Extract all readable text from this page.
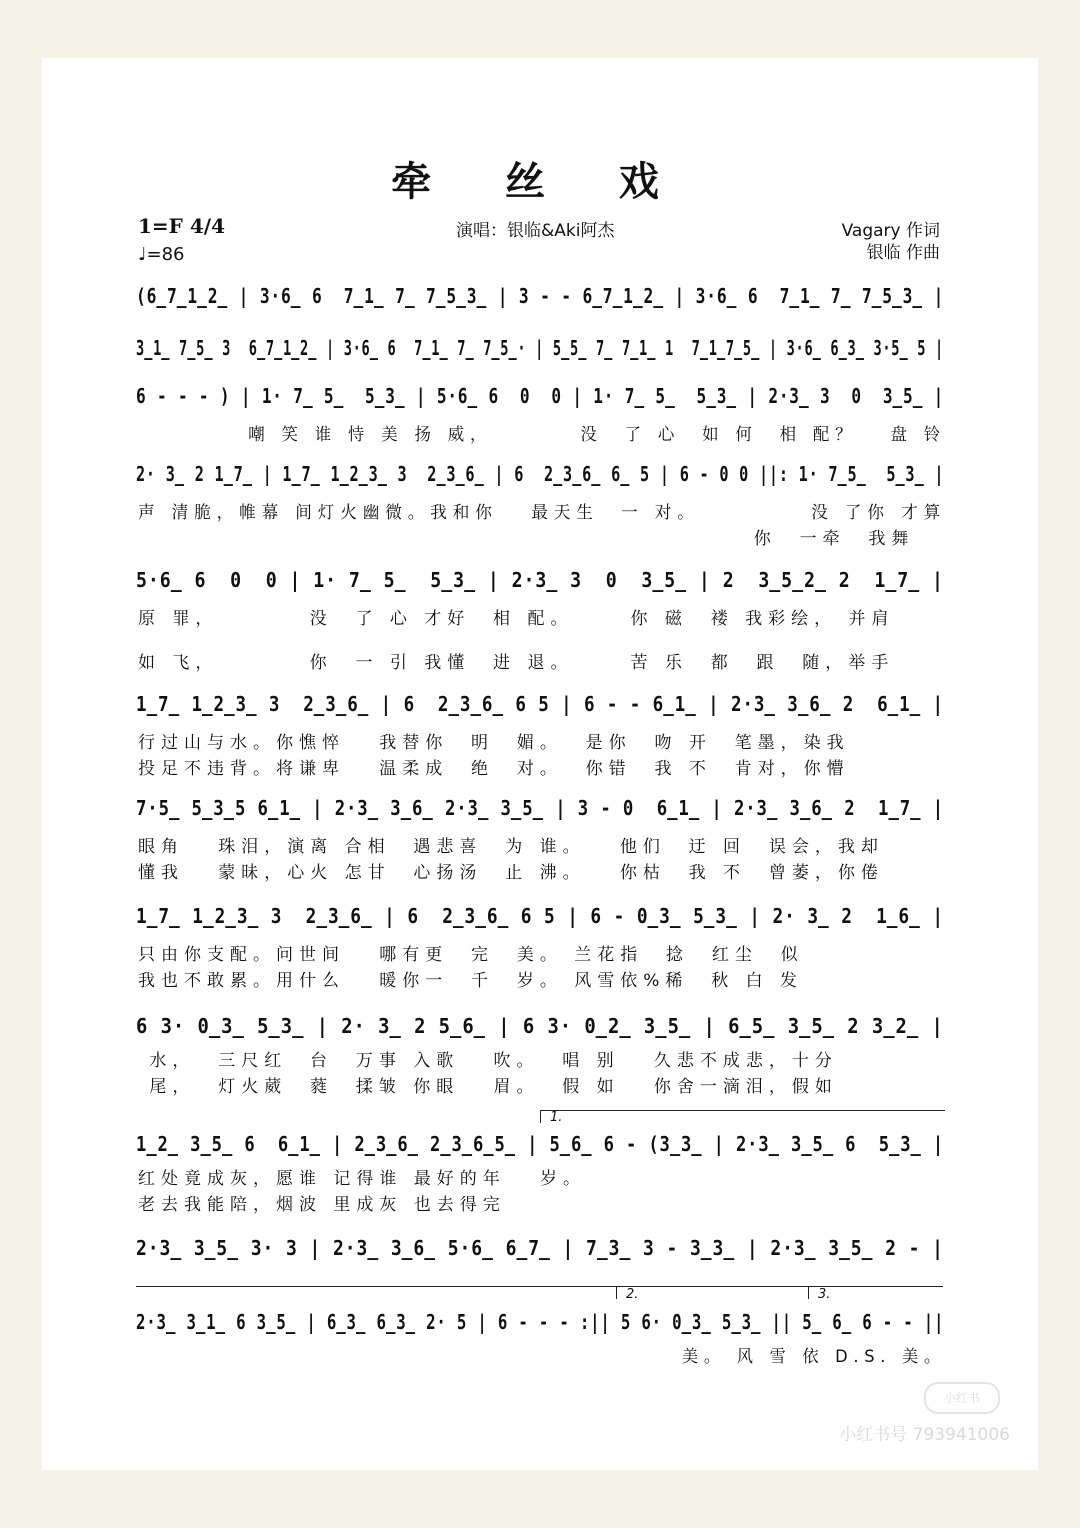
牵 丝 戏
1=F 4/4
♩=86
演唱：银临&Aki阿杰	Vagary 作词
银临 作曲
(6̲7̲1̲2̲ | 3·6̲ 6  7̲1̲ 7̲ 7̲5̲3̲ | 3 - - 6̲7̲1̲2̲ | 3·6̲ 6  7̲1̲ 7̲ 7̲5̲3̲ |
3̲1̲ 7̲5̲ 3  6̲7̲1̲2̲ | 3·6̲ 6  7̲1̲ 7̲ 7̲5̲· | 5̲5̲ 7̲ 7̲1̲ 1  7̲1̲7̲5̲ | 3·6̲ 6̲3̲ 3·5̲ 5 |
6 - - - ) | 1· 7̲ 5̲  5̲3̲ | 5·6̲ 6  0  0 | 1· 7̲ 5̲  5̲3̲ | 2·3̲ 3  0  3̲5̲ |
嘲 笑 谁 恃 美 扬 威，        没  了 心  如 何  相 配？   盘 铃
2· 3̲ 2 1̲7̲ | 1̲7̲ 1̲2̲3̲ 3  2̲3̲6̲ | 6  2̲3̲6̲ 6̲ 5 | 6 - 0 0 ||: 1· 7̲5̲  5̲3̲ |
声 清脆，帷幕 间灯火幽微。我和你   最天生  一 对。          没 了你 才算
你  一牵  我舞
5·6̲ 6  0  0 | 1· 7̲ 5̲  5̲3̲ | 2·3̲ 3  0  3̲5̲ | 2  3̲5̲2̲ 2  1̲7̲ |
原 罪，        没  了 心 才好  相 配。     你 磁  褛 我彩绘， 并肩
如 飞，        你  一 引 我懂  进 退。     苦 乐  都  跟  随，举手
1̲7̲ 1̲2̲3̲ 3  2̲3̲6̲ | 6  2̲3̲6̲ 6 5 | 6 - - 6̲1̲ | 2·3̲ 3̲6̲ 2  6̲1̲ |
行过山与水。你憔悴   我替你  明  媚。  是你  吻 开  笔墨，染我
投足不违背。将谦卑   温柔成  绝  对。  你错  我 不  肯对，你懵
7·5̲ 5̲3̲5 6̲1̲ | 2·3̲ 3̲6̲ 2·3̲ 3̲5̲ | 3 - 0  6̲1̲ | 2·3̲ 3̲6̲ 2  1̲7̲ |
眼角   珠泪，演离 合相  遇悲喜  为 谁。   他们  迂 回  误会，我却
懂我   蒙昧，心火 怎甘  心扬汤  止 沸。   你枯  我 不  曾萎，你倦
1̲7̲ 1̲2̲3̲ 3  2̲3̲6̲ | 6  2̲3̲6̲ 6 5 | 6 - 0̲3̲ 5̲3̲ | 2· 3̲ 2  1̲6̲ |
只由你支配。问世间   哪有更  完  美。 兰花指  捻  红尘  似
我也不敢累。用什么   暖你一  千  岁。 风雪依%稀  秋 白 发
6 3· 0̲3̲ 5̲3̲ | 2· 3̲ 2 5̲6̲ | 6 3· 0̲2̲ 3̲5̲ | 6̲5̲ 3̲5̲ 2 3̲2̲ |
水，  三尺红  台  万事 入歌   吹。  唱 别   久悲不成悲，十分
尾，  灯火葳  蕤  揉皱 你眼   眉。  假 如   你舍一滴泪，假如
1.
1̲2̲ 3̲5̲ 6  6̲1̲ | 2̲3̲6̲ 2̲3̲6̲5̲ | 5̲6̲ 6 - (3̲3̲ | 2·3̲ 3̲5̲ 6  5̲3̲ |
红处竟成灰，愿谁 记得谁 最好的年   岁。
老去我能陪，烟波 里成灰 也去得完
2·3̲ 3̲5̲ 3· 3 | 2·3̲ 3̲6̲ 5·6̲ 6̲7̲ | 7̲3̲ 3 - 3̲3̲ | 2·3̲ 3̲5̲ 2 - |
2.	3.
2·3̲ 3̲1̲ 6 3̲5̲ | 6̲3̲ 6̲3̲ 2· 5 | 6 - - - :|| 5 6· 0̲3̲ 5̲3̲ || 5̲ 6̲ 6 - - ||
美。 风 雪 依 D.S. 美。
小红书
小红书号 793941006
